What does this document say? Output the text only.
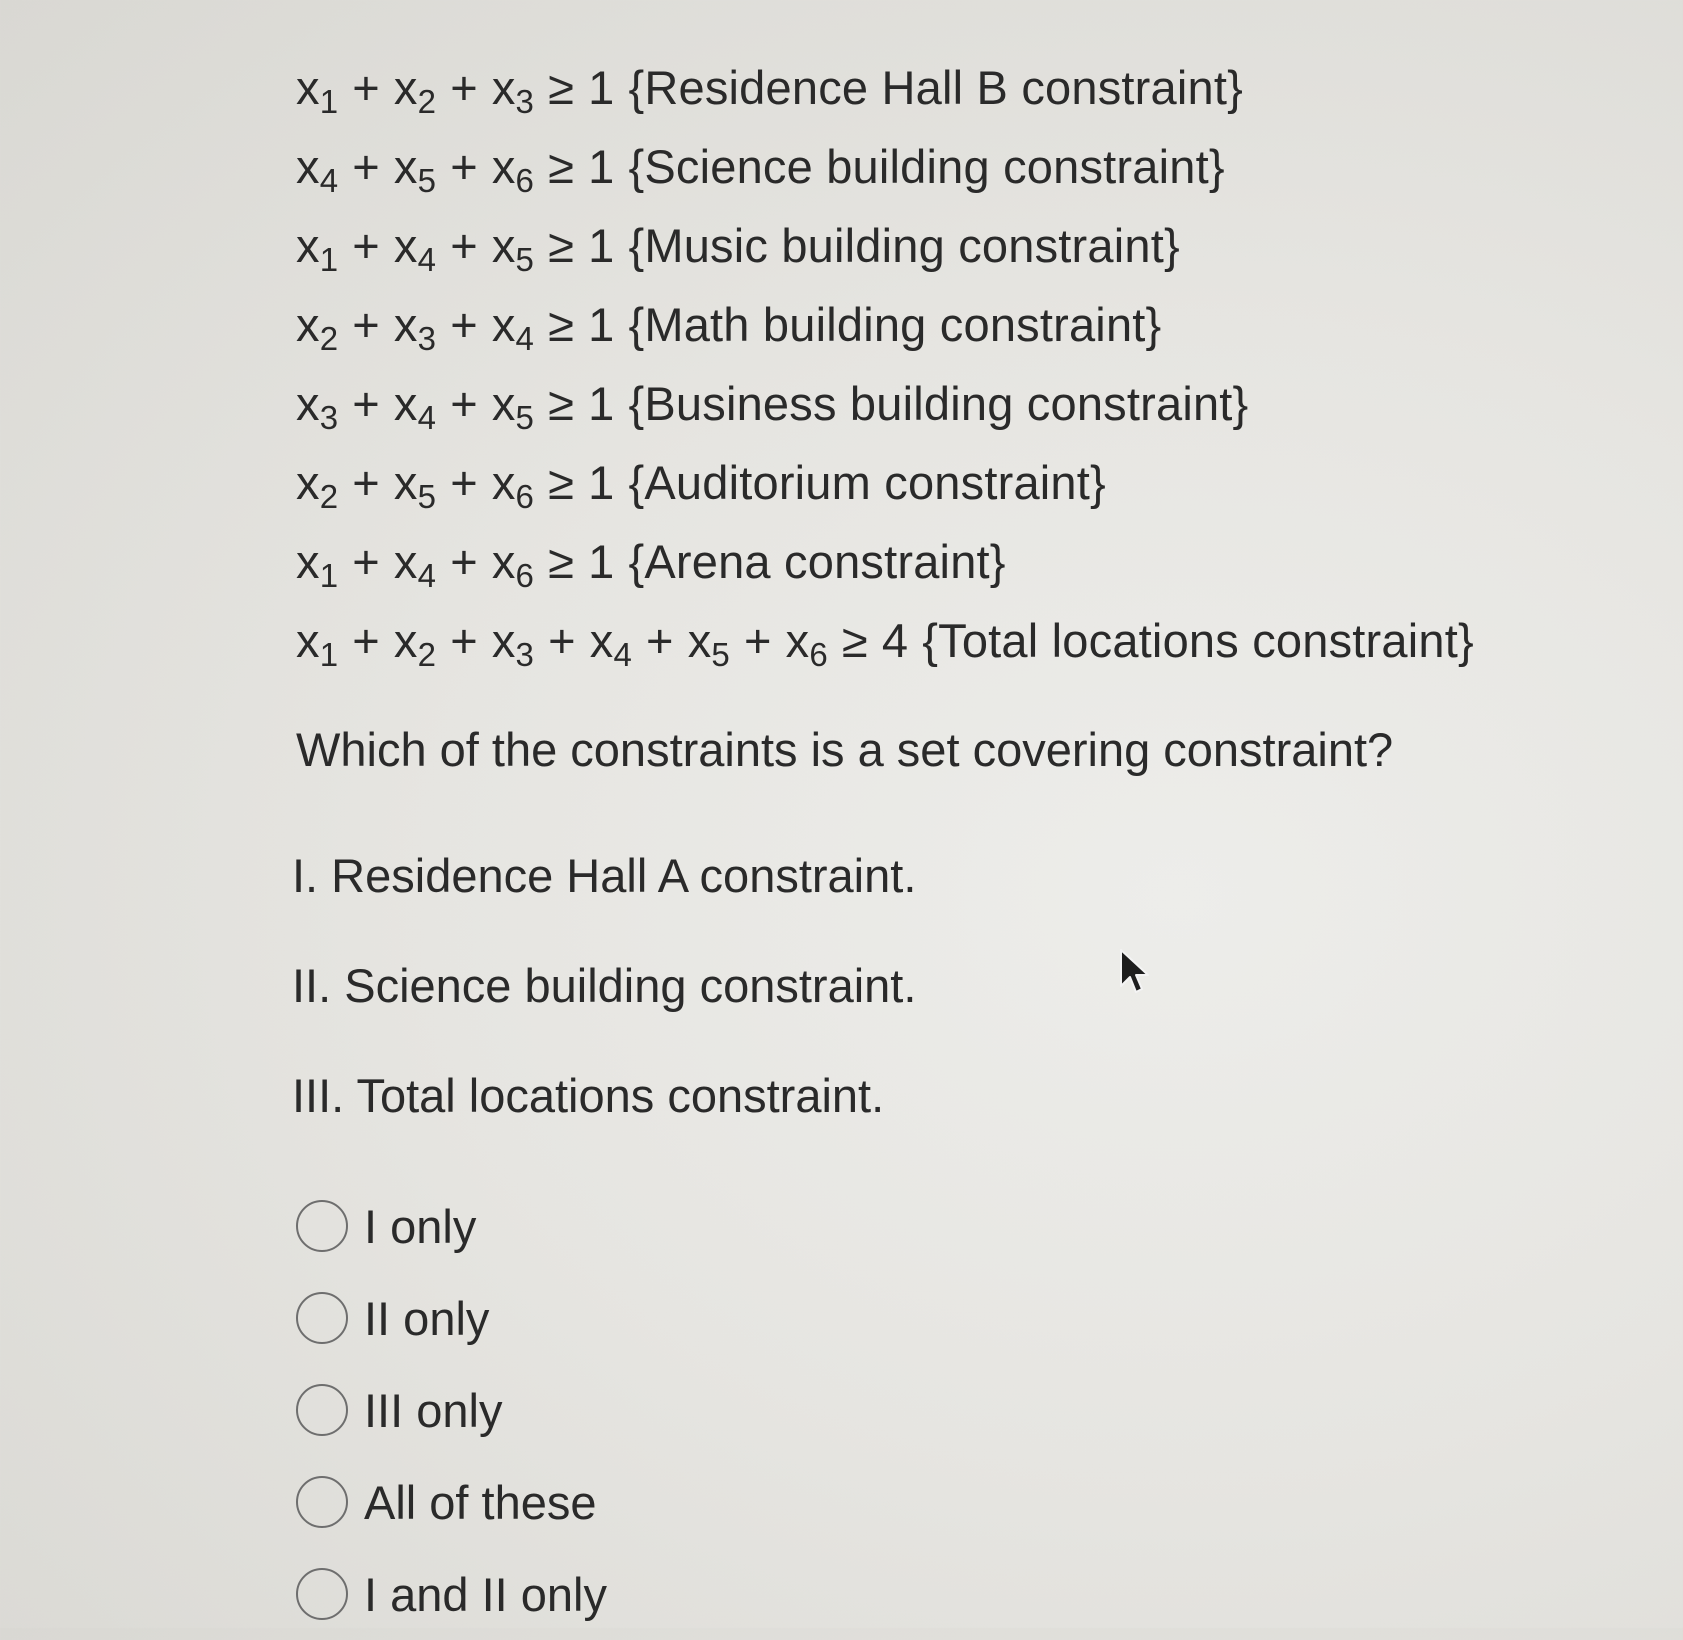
$x_1 + x_2 + x_3 \ge 1$ {Residence Hall B constraint}
$x_4 + x_5 + x_6 \ge 1$ {Science building constraint}
$x_1 + x_4 + x_5 \ge 1$ {Music building constraint}
$x_2 + x_3 + x_4 \ge 1$ {Math building constraint}
$x_3 + x_4 + x_5 \ge 1$ {Business building constraint}
$x_2 + x_5 + x_6 \ge 1$ {Auditorium constraint}
$x_1 + x_4 + x_6 \ge 1$ {Arena constraint}
$x_1 + x_2 + x_3 + x_4 + x_5 + x_6 \ge 4$ {Total locations constraint}
Which of the constraints is a set covering constraint?
I. Residence Hall A constraint.
II. Science building constraint.
III. Total locations constraint.
I only
II only
III only
All of these
I and II only
